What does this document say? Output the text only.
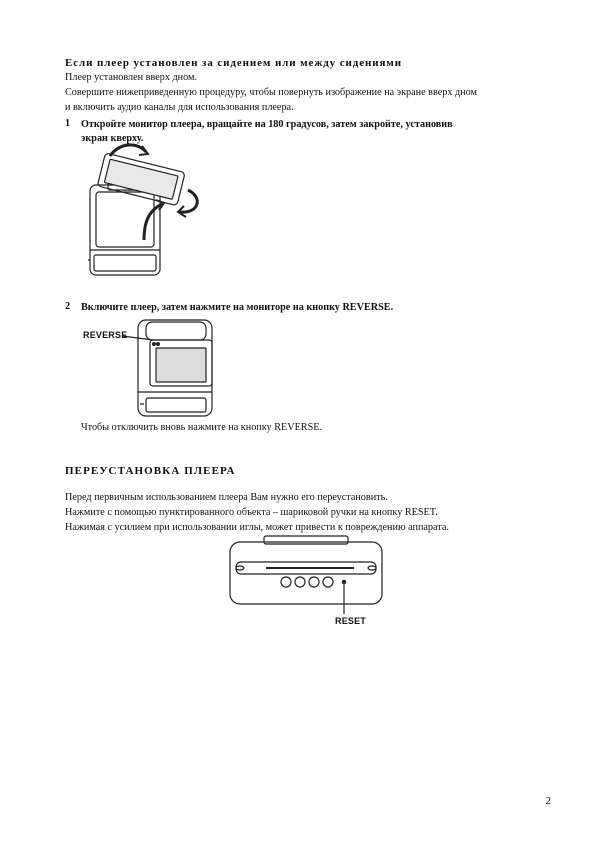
Если плеер установлен за сидением или между сидениями
Плеер установлен вверх дном.
Совершите нижеприведенную процедуру, чтобы повернуть изображение на экране вверх дном
и включить аудио каналы для использования плеера.
1 Откройте монитор плеера, вращайте на 180 градусов, затем закройте, установив
экран кверху.
2 Включите плеер, затем нажмите на мониторе на кнопку REVERSE.
REVERSE
Чтобы отключить вновь нажмите на кнопку REVERSE.
ПЕРЕУСТАНОВКА ПЛЕЕРА
Перед первичным использованием плеера Вам нужно его переустановить.
Нажмите с помощью пунктированного объекта – шариковой ручки на кнопку RESET.
Нажимая с усилием при использовании иглы, может привести к повреждению аппарата.
RESET
2
